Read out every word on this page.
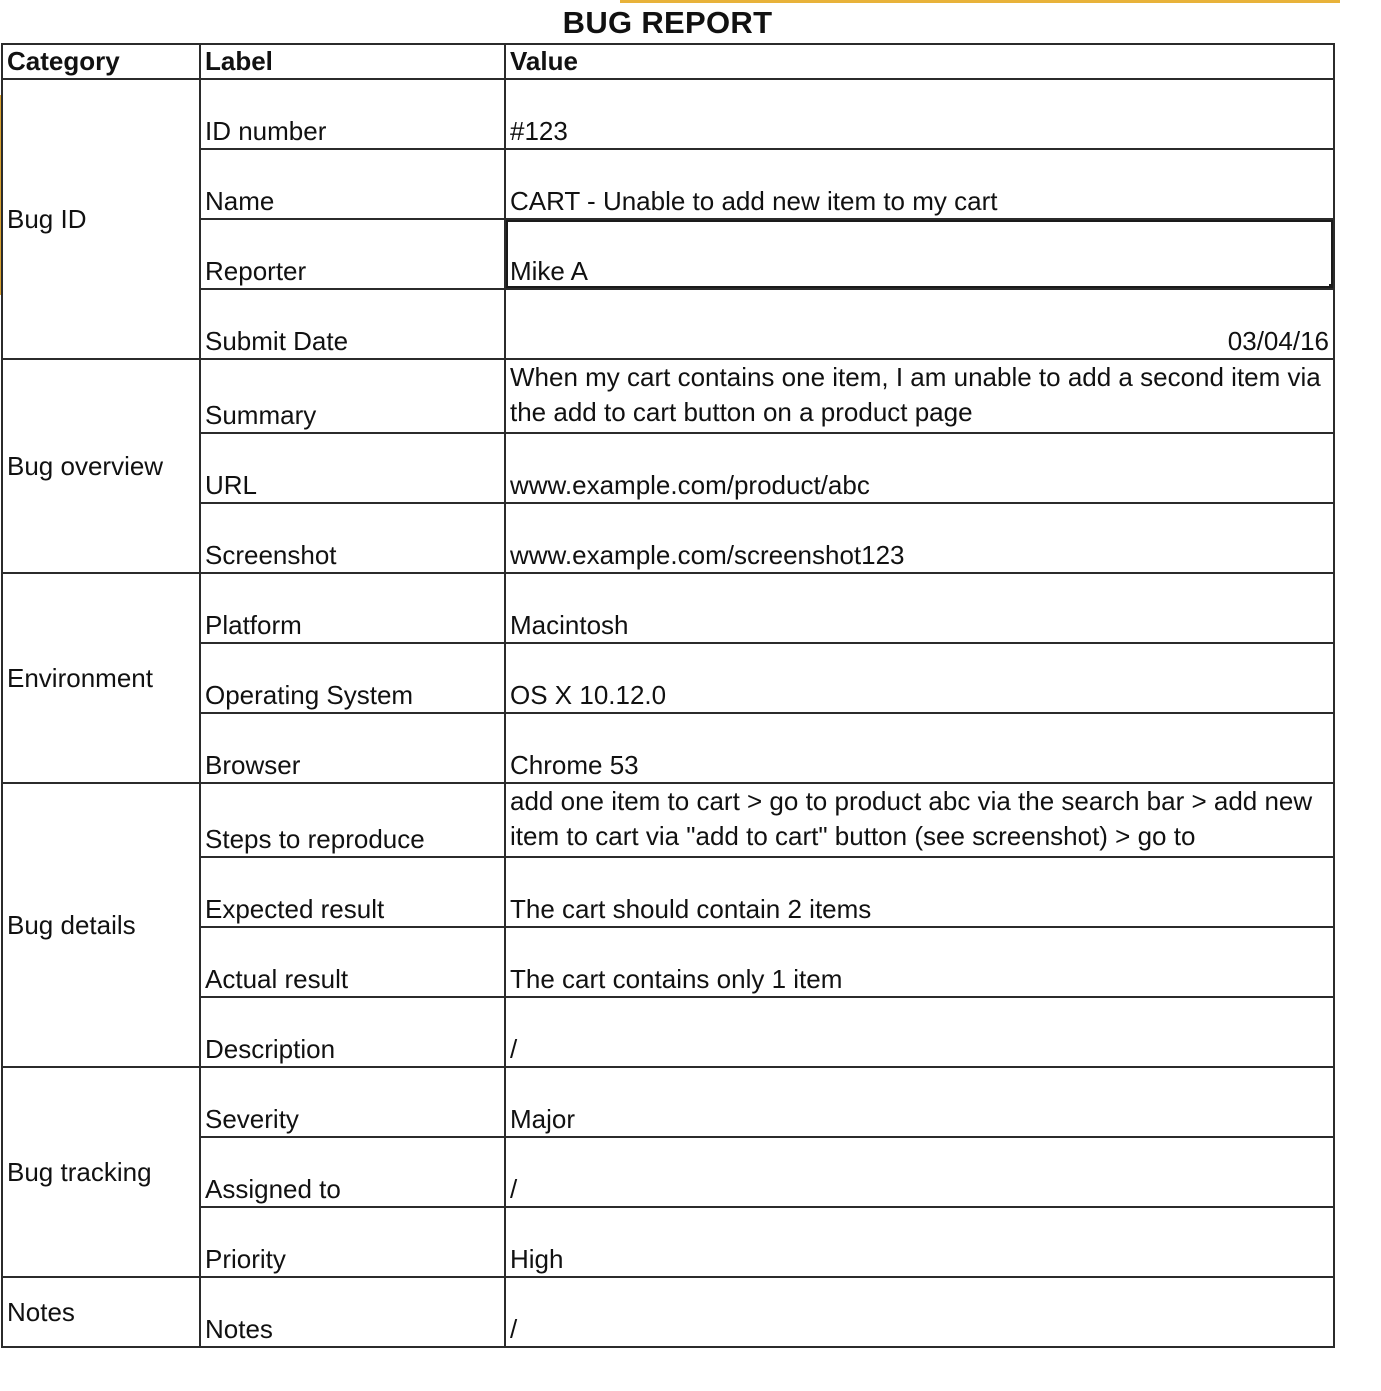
BUG REPORT
Category	Label	Value
Bug ID	ID number	#123
	Name	CART - Unable to add new item to my cart
	Reporter	Mike A

	Submit Date	03/04/16
Bug overview	Summary	When my cart contains one item, I am unable to add a second item via the add to cart button on a product page

	URL	www.example.com/product/abc
	Screenshot	www.example.com/screenshot123
Environment	Platform	Macintosh
	Operating System	OS X 10.12.0
	Browser	Chrome 53
Bug details	Steps to reproduce	add one item to cart > go to product abc via the search bar > add new item to cart via "add to cart" button (see screenshot) > go to

	Expected result	The cart should contain 2 items
	Actual result	The cart contains only 1 item
	Description	/
Bug tracking	Severity	Major
	Assigned to	/
	Priority	High
Notes	Notes	/
